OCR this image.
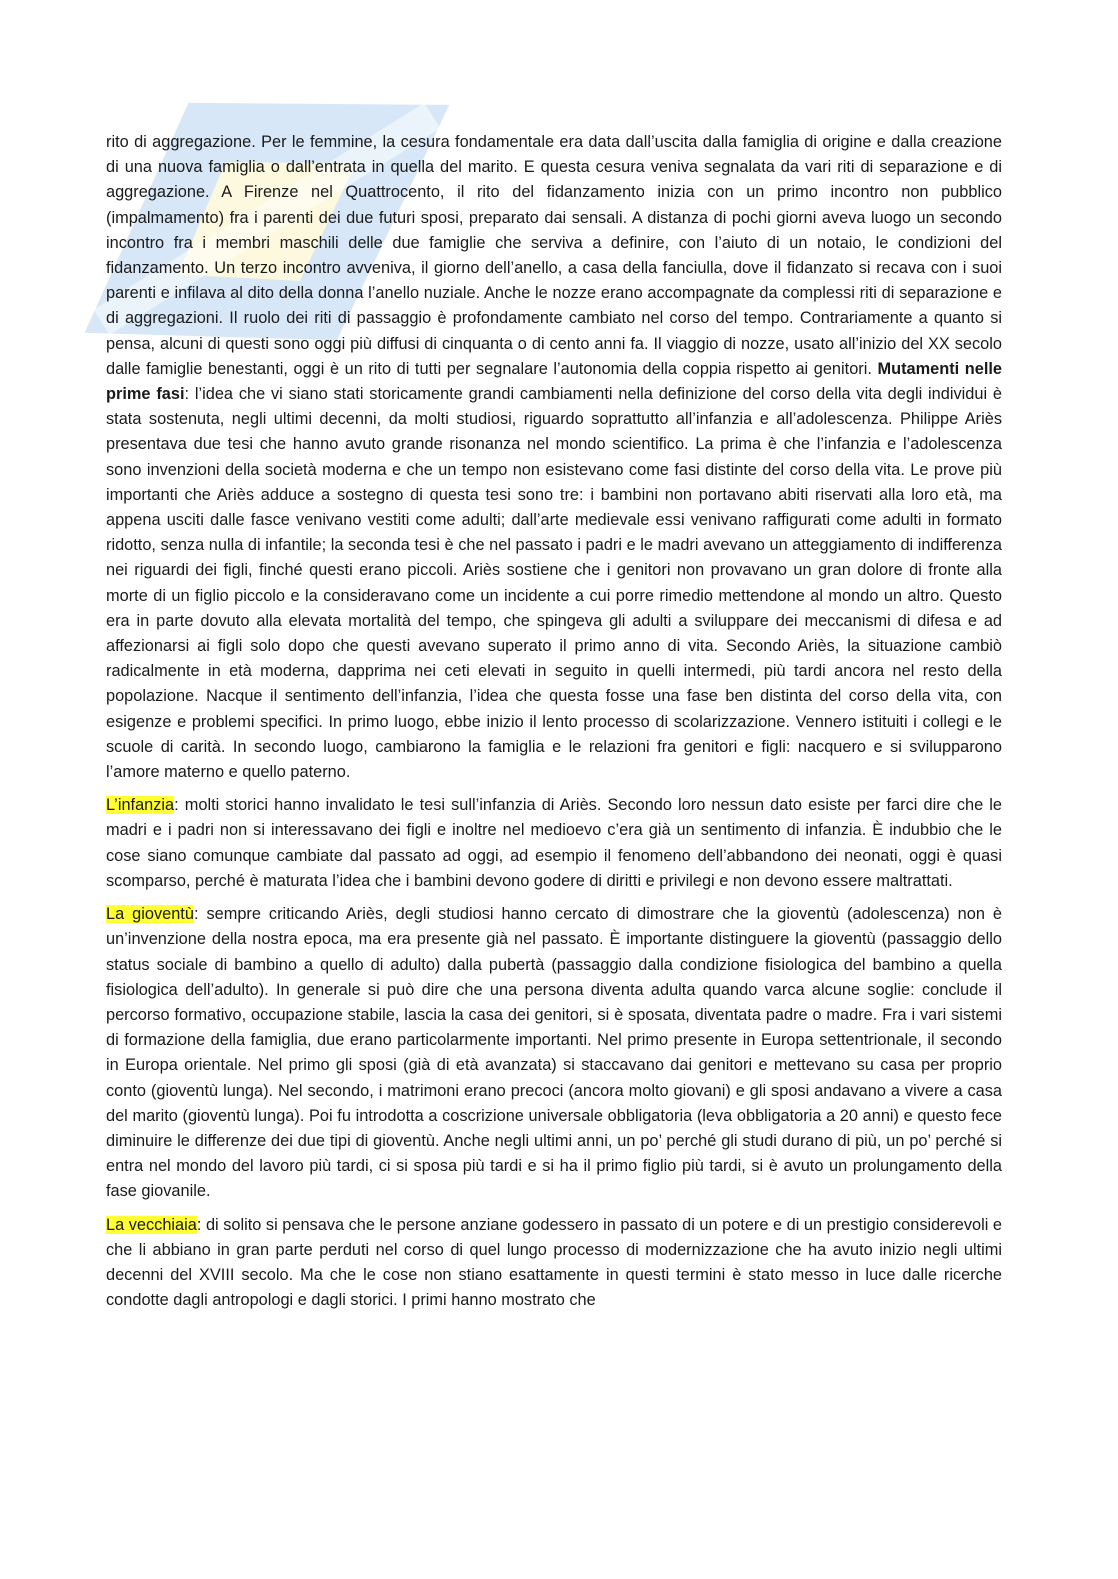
rito di aggregazione. Per le femmine, la cesura fondamentale era data dall’uscita dalla famiglia di origine e dalla creazione di una nuova famiglia o dall’entrata in quella del marito. E questa cesura veniva segnalata da vari riti di separazione e di aggregazione. A Firenze nel Quattrocento, il rito del fidanzamento inizia con un primo incontro non pubblico (impalmamento) fra i parenti dei due futuri sposi, preparato dai sensali. A distanza di pochi giorni aveva luogo un secondo incontro fra i membri maschili delle due famiglie che serviva a definire, con l’aiuto di un notaio, le condizioni del fidanzamento. Un terzo incontro avveniva, il giorno dell’anello, a casa della fanciulla, dove il fidanzato si recava con i suoi parenti e infilava al dito della donna l’anello nuziale. Anche le nozze erano accompagnate da complessi riti di separazione e di aggregazioni. Il ruolo dei riti di passaggio è profondamente cambiato nel corso del tempo. Contrariamente a quanto si pensa, alcuni di questi sono oggi più diffusi di cinquanta o di cento anni fa. Il viaggio di nozze, usato all’inizio del XX secolo dalle famiglie benestanti, oggi è un rito di tutti per segnalare l’autonomia della coppia rispetto ai genitori. Mutamenti nelle prime fasi: l’idea che vi siano stati storicamente grandi cambiamenti nella definizione del corso della vita degli individui è stata sostenuta, negli ultimi decenni, da molti studiosi, riguardo soprattutto all’infanzia e all’adolescenza. Philippe Ariès presentava due tesi che hanno avuto grande risonanza nel mondo scientifico. La prima è che l’infanzia e l’adolescenza sono invenzioni della società moderna e che un tempo non esistevano come fasi distinte del corso della vita. Le prove più importanti che Ariès adduce a sostegno di questa tesi sono tre: i bambini non portavano abiti riservati alla loro età, ma appena usciti dalle fasce venivano vestiti come adulti; dall’arte medievale essi venivano raffigurati come adulti in formato ridotto, senza nulla di infantile; la seconda tesi è che nel passato i padri e le madri avevano un atteggiamento di indifferenza nei riguardi dei figli, finché questi erano piccoli. Ariès sostiene che i genitori non provavano un gran dolore di fronte alla morte di un figlio piccolo e la consideravano come un incidente a cui porre rimedio mettendone al mondo un altro. Questo era in parte dovuto alla elevata mortalità del tempo, che spingeva gli adulti a sviluppare dei meccanismi di difesa e ad affezionarsi ai figli solo dopo che questi avevano superato il primo anno di vita. Secondo Ariès, la situazione cambiò radicalmente in età moderna, dapprima nei ceti elevati in seguito in quelli intermedi, più tardi ancora nel resto della popolazione. Nacque il sentimento dell’infanzia, l’idea che questa fosse una fase ben distinta del corso della vita, con esigenze e problemi specifici. In primo luogo, ebbe inizio il lento processo di scolarizzazione. Vennero istituiti i collegi e le scuole di carità. In secondo luogo, cambiarono la famiglia e le relazioni fra genitori e figli: nacquero e si svilupparono l’amore materno e quello paterno.

L’infanzia: molti storici hanno invalidato le tesi sull’infanzia di Ariès. Secondo loro nessun dato esiste per farci dire che le madri e i padri non si interessavano dei figli e inoltre nel medioevo c’era già un sentimento di infanzia. È indubbio che le cose siano comunque cambiate dal passato ad oggi, ad esempio il fenomeno dell’abbandono dei neonati, oggi è quasi scomparso, perché è maturata l’idea che i bambini devono godere di diritti e privilegi e non devono essere maltrattati.

La gioventù: sempre criticando Ariès, degli studiosi hanno cercato di dimostrare che la gioventù (adolescenza) non è un’invenzione della nostra epoca, ma era presente già nel passato. È importante distinguere la gioventù (passaggio dello status sociale di bambino a quello di adulto) dalla pubertà (passaggio dalla condizione fisiologica del bambino a quella fisiologica dell’adulto). In generale si può dire che una persona diventa adulta quando varca alcune soglie: conclude il percorso formativo, occupazione stabile, lascia la casa dei genitori, si è sposata, diventata padre o madre. Fra i vari sistemi di formazione della famiglia, due erano particolarmente importanti. Nel primo presente in Europa settentrionale, il secondo in Europa orientale. Nel primo gli sposi (già di età avanzata) si staccavano dai genitori e mettevano su casa per proprio conto (gioventù lunga). Nel secondo, i matrimoni erano precoci (ancora molto giovani) e gli sposi andavano a vivere a casa del marito (gioventù lunga). Poi fu introdotta a coscrizione universale obbligatoria (leva obbligatoria a 20 anni) e questo fece diminuire le differenze dei due tipi di gioventù. Anche negli ultimi anni, un po’ perché gli studi durano di più, un po’ perché si entra nel mondo del lavoro più tardi, ci si sposa più tardi e si ha il primo figlio più tardi, si è avuto un prolungamento della fase giovanile.

La vecchiaia: di solito si pensava che le persone anziane godessero in passato di un potere e di un prestigio considerevoli e che li abbiano in gran parte perduti nel corso di quel lungo processo di modernizzazione che ha avuto inizio negli ultimi decenni del XVIII secolo. Ma che le cose non stiano esattamente in questi termini è stato messo in luce dalle ricerche condotte dagli antropologi e dagli storici. I primi hanno mostrato che
